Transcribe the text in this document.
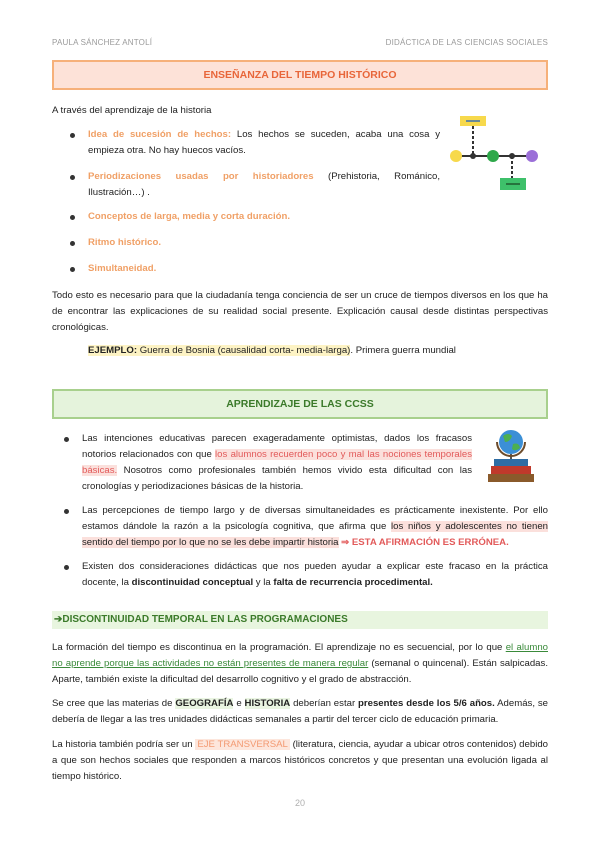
PAULA SÁNCHEZ ANTOLÍ	DIDÁCTICA DE LAS CIENCIAS SOCIALES
ENSEÑANZA DEL TIEMPO HISTÓRICO

A través del aprendizaje de la historia

Idea de sucesión de hechos: Los hechos se suceden, acaba una cosa y empieza otra. No hay huecos vacíos.
Periodizaciones usadas por historiadores (Prehistoria, Románico, Ilustración…) .
Conceptos de larga, media y corta duración.
Ritmo histórico.
Simultaneidad.

Todo esto es necesario para que la ciudadanía tenga conciencia de ser un cruce de tiempos diversos en los que ha de encontrar las explicaciones de su realidad social presente. Explicación causal desde distintas perspectivas cronológicas.

EJEMPLO: Guerra de Bosnia (causalidad corta- media-larga). Primera guerra mundial
APRENDIZAJE DE LAS CCSS
Las intenciones educativas parecen exageradamente optimistas, dados los fracasos notorios relacionados con que los alumnos recuerden poco y mal las nociones temporales básicas. Nosotros como profesionales también hemos vivido esta dificultad con las cronologías y periodizaciones básicas de la historia.
Las percepciones de tiempo largo y de diversas simultaneidades es prácticamente inexistente. Por ello estamos dándole la razón a la psicología cognitiva, que afirma que los niños y adolescentes no tienen sentido del tiempo por lo que no se les debe impartir historia ⇒ ESTA AFIRMACIÓN ES ERRÓNEA.
Existen dos consideraciones didácticas que nos pueden ayudar a explicar este fracaso en la práctica docente, la discontinuidad conceptual y la falta de recurrencia procedimental.
➔DISCONTINUIDAD TEMPORAL EN LAS PROGRAMACIONES

La formación del tiempo es discontinua en la programación. El aprendizaje no es secuencial, por lo que el alumno no aprende porque las actividades no están presentes de manera regular (semanal o quincenal). Están salpicadas. Aparte, también existe la dificultad del desarrollo cognitivo y el grado de abstracción.

Se cree que las materias de GEOGRAFÍA e HISTORIA deberían estar presentes desde los 5/6 años. Además, se debería de llegar a las tres unidades didácticas semanales a partir del tercer ciclo de educación primaria.

La historia también podría ser un EJE TRANSVERSAL (literatura, ciencia, ayudar a ubicar otros contenidos) debido a que son hechos sociales que responden a marcos históricos concretos y que presentan una evolución ligada al tiempo histórico.

20
